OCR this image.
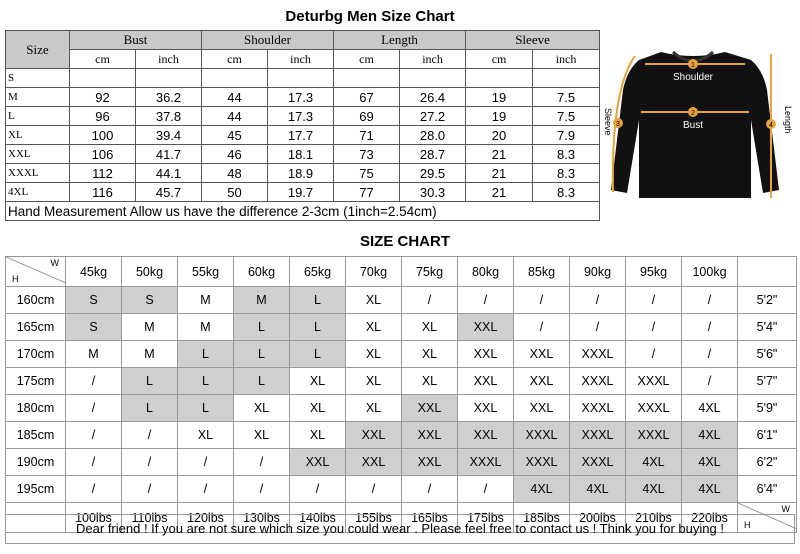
Deturbg Men Size Chart
Size	Bust		Shoulder		Length		Sleeve	
	cm	inch	cm	inch	cm	inch	cm	inch
S								
M	92	36.2	44	17.3	67	26.4	19	7.5
L	96	37.8	44	17.3	69	27.2	19	7.5
XL	100	39.4	45	17.7	71	28.0	20	7.9
XXL	106	41.7	46	18.1	73	28.7	21	8.3
XXXL	112	44.1	48	18.9	75	29.5	21	8.3
4XL	116	45.7	50	19.7	77	30.3	21	8.3
Hand Measurement Allow us have the difference 2-3cm (1inch=2.54cm)								
1
Shoulder
2
Bust
3
Sleeve	4 Length
SIZE CHART
H
W	45kg	50kg	55kg	60kg	65kg	70kg	75kg	80kg	85kg	90kg	95kg	100kg	
160cm	S	S	M	M	L	XL	/	/	/	/	/	/	5'2"
165cm	S	M	M	L	L	XL	XL	XXL	/	/	/	/	5'4"
170cm	M	M	L	L	L	XL	XL	XXL	XXL	XXXL	/	/	5'6"
175cm	/	L	L	L	XL	XL	XL	XXL	XXL	XXXL	XXXL	/	5'7"
180cm	/	L	L	XL	XL	XL	XXL	XXL	XXL	XXXL	XXXL	4XL	5'9"
185cm	/	/	XL	XL	XL	XXL	XXL	XXL	XXXL	XXXL	XXXL	4XL	6'1"
190cm	/	/	/	/	XXL	XXL	XXL	XXXL	XXXL	XXXL	4XL	4XL	6'2"
195cm	/	/	/	/	/	/	/	/	4XL	4XL	4XL	4XL	6'4"
	100lbs	110lbs	120lbs	130lbs	140lbs	155lbs	165lbs	175lbs	185lbs	200lbs	210lbs	220lbs	W
H
Dear friend ! If you are not sure which size you could wear . Please feel free to contact us ! Think you for buying !
